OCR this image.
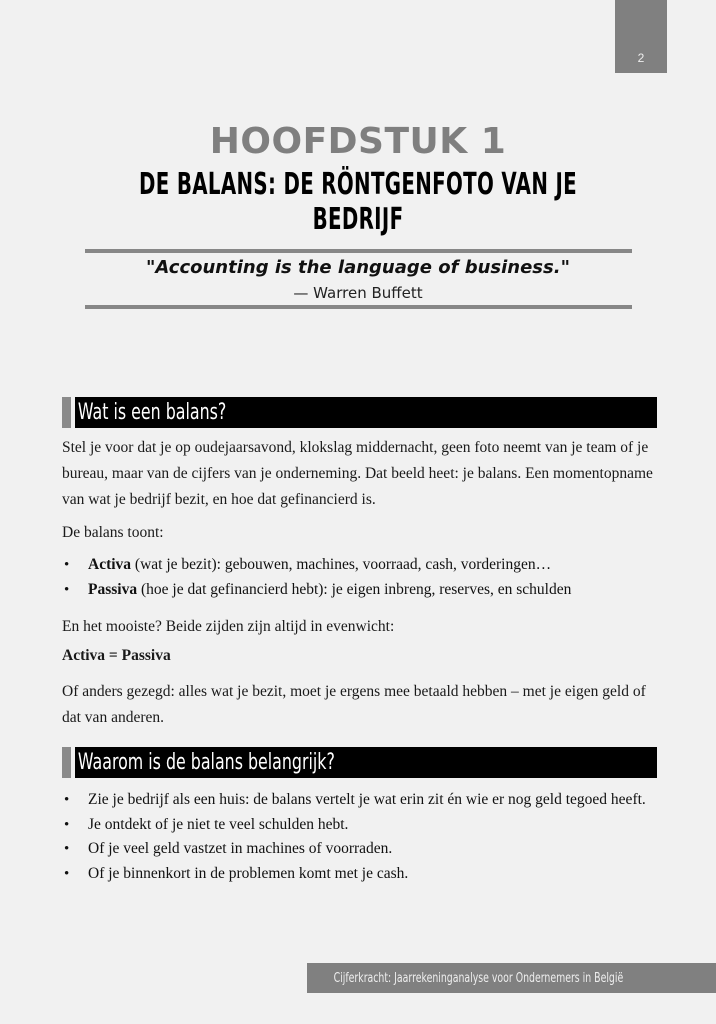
2
HOOFDSTUK 1
DE BALANS: DE RÖNTGENFOTO VAN JE BEDRIJF
"Accounting is the language of business."
— Warren Buffett
Wat is een balans?
Stel je voor dat je op oudejaarsavond, klokslag middernacht, geen foto neemt van je team of je bureau, maar van de cijfers van je onderneming. Dat beeld heet: je balans. Een momentopname van wat je bedrijf bezit, en hoe dat gefinancierd is.
De balans toont:
• Activa (wat je bezit): gebouwen, machines, voorraad, cash, vorderingen…
• Passiva (hoe je dat gefinancierd hebt): je eigen inbreng, reserves, en schulden
En het mooiste? Beide zijden zijn altijd in evenwicht:
Activa = Passiva
Of anders gezegd: alles wat je bezit, moet je ergens mee betaald hebben – met je eigen geld of dat van anderen.
Waarom is de balans belangrijk?
• Zie je bedrijf als een huis: de balans vertelt je wat erin zit én wie er nog geld tegoed heeft.
• Je ontdekt of je niet te veel schulden hebt.
• Of je veel geld vastzet in machines of voorraden.
• Of je binnenkort in de problemen komt met je cash.
Cijferkracht: Jaarrekeninganalyse voor Ondernemers in België
